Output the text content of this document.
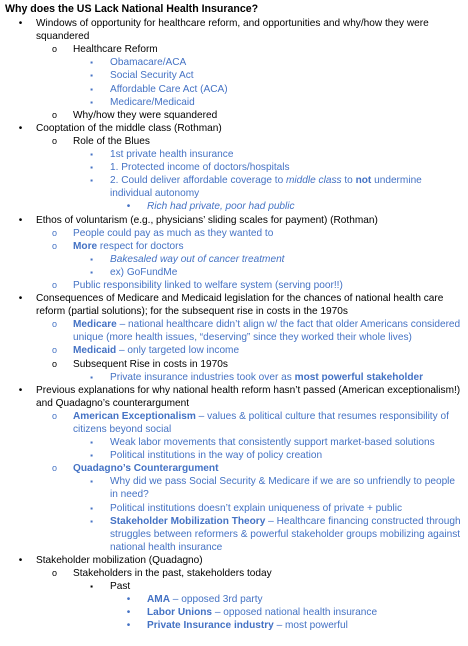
Why does the US Lack National Health Insurance?
•	Windows of opportunity for healthcare reform, and opportunities and why/how they were squandered
o	Healthcare Reform
▪	Obamacare/ACA
▪	Social Security Act
▪	Affordable Care Act (ACA)
▪	Medicare/Medicaid
o	Why/how they were squandered
•	Cooptation of the middle class (Rothman)
o	Role of the Blues
▪	1st private health insurance
▪	1. Protected income of doctors/hospitals
▪	2. Could deliver affordable coverage to middle class to not undermine individual autonomy
•	Rich had private, poor had public
•	Ethos of voluntarism (e.g., physicians’ sliding scales for payment) (Rothman)
o	People could pay as much as they wanted to
o	More respect for doctors
▪	Bakesaled way out of cancer treatment
▪	ex) GoFundMe
o	Public responsibility linked to welfare system (serving poor!!)
•	Consequences of Medicare and Medicaid legislation for the chances of national health care reform (partial solutions); for the subsequent rise in costs in the 1970s
o	Medicare – national healthcare didn’t align w/ the fact that older Americans considered unique (more health issues, “deserving” since they worked their whole lives)
o	Medicaid – only targeted low income
o	Subsequent Rise in costs in 1970s
▪	Private insurance industries took over as most powerful stakeholder
•	Previous explanations for why national health reform hasn’t passed (American exceptionalism!) and Quadagno’s counterargument
o	American Exceptionalism – values & political culture that resumes responsibility of citizens beyond social
▪	Weak labor movements that consistently support market-based solutions
▪	Political institutions in the way of policy creation
o	Quadagno’s Counterargument
▪	Why did we pass Social Security & Medicare if we are so unfriendly to people in need?
▪	Political institutions doesn’t explain uniqueness of private + public
▪	Stakeholder Mobilization Theory – Healthcare financing constructed through struggles between reformers & powerful stakeholder groups mobilizing against national health insurance
•	Stakeholder mobilization (Quadagno)
o	Stakeholders in the past, stakeholders today
▪	Past
•	AMA – opposed 3rd party
•	Labor Unions – opposed national health insurance
•	Private Insurance industry – most powerful
